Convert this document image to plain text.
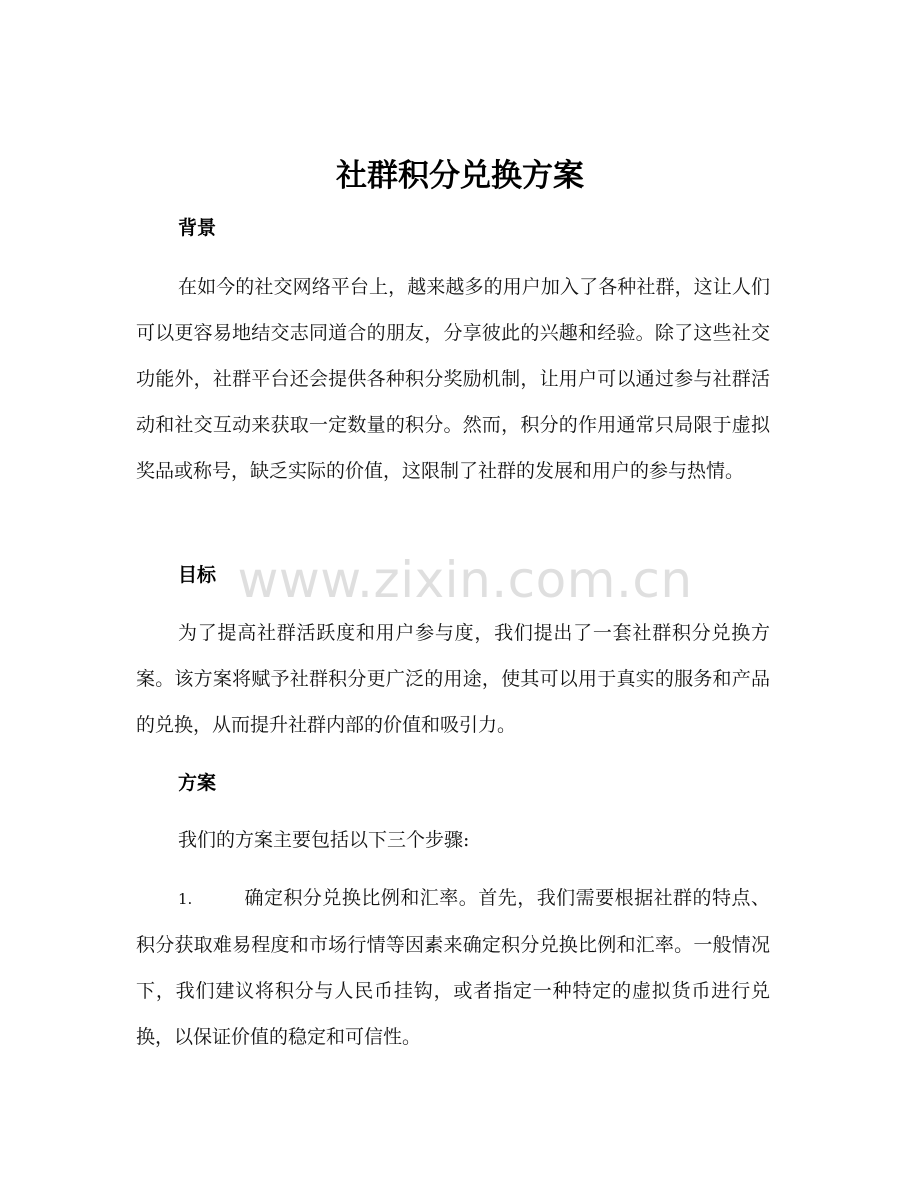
社群积分兑换方案
背景

在如今的社交网络平台上，越来越多的用户加入了各种社群，这让人们可以更容易地结交志同道合的朋友，分享彼此的兴趣和经验。除了这些社交功能外，社群平台还会提供各种积分奖励机制，让用户可以通过参与社群活动和社交互动来获取一定数量的积分。然而，积分的作用通常只局限于虚拟奖品或称号，缺乏实际的价值，这限制了社群的发展和用户的参与热情。

目标

为了提高社群活跃度和用户参与度，我们提出了一套社群积分兑换方案。该方案将赋予社群积分更广泛的用途，使其可以用于真实的服务和产品的兑换，从而提升社群内部的价值和吸引力。

方案

我们的方案主要包括以下三个步骤:

1.	确定积分兑换比例和汇率。首先，我们需要根据社群的特点、积分获取难易程度和市场行情等因素来确定积分兑换比例和汇率。一般情况下，我们建议将积分与人民币挂钩，或者指定一种特定的虚拟货币进行兑换，以保证价值的稳定和可信性。

www.zixin.com.cn
